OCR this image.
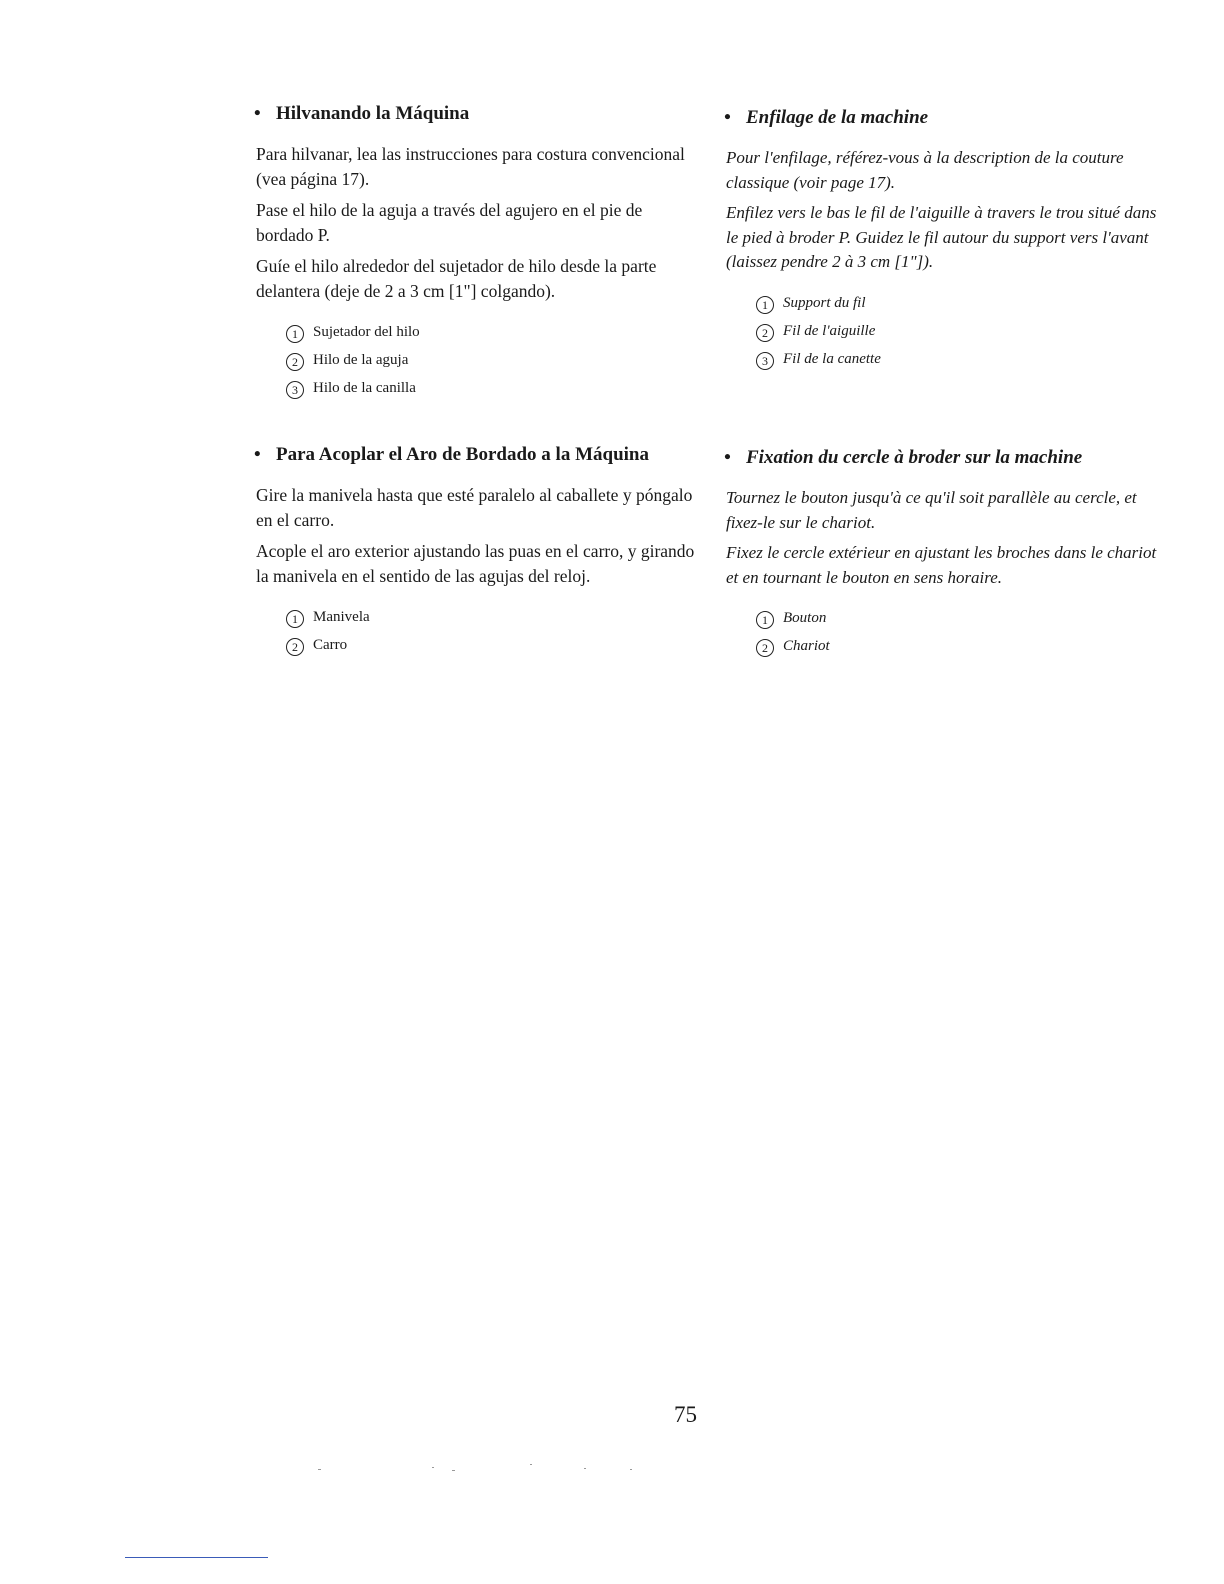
• Hilvanando la Máquina

Para hilvanar, lea las instrucciones para costura convencional (vea página 17).

Pase el hilo de la aguja a través del agujero en el pie de bordado P.

Guíe el hilo alrededor del sujetador de hilo desde la parte delantera (deje de 2 a 3 cm [1"] colgando).

1 Sujetador del hilo
2 Hilo de la aguja
3 Hilo de la canilla
• Enfilage de la machine

Pour l'enfilage, référez-vous à la description de la couture classique (voir page 17).

Enfilez vers le bas le fil de l'aiguille à travers le trou situé dans le pied à broder P. Guidez le fil autour du support vers l'avant (laissez pendre 2 à 3 cm [1"]).

1 Support du fil
2 Fil de l'aiguille
3 Fil de la canette
• Para Acoplar el Aro de Bordado a la Máquina

Gire la manivela hasta que esté paralelo al caballete y póngalo en el carro.

Acople el aro exterior ajustando las puas en el carro, y girando la manivela en el sentido de las agujas del reloj.

1 Manivela
2 Carro
• Fixation du cercle à broder sur la machine

Tournez le bouton jusqu'à ce qu'il soit parallèle au cercle, et fixez-le sur le chariot.

Fixez le cercle extérieur en ajustant les broches dans le chariot et en tournant le bouton en sens horaire.

1 Bouton
2 Chariot
75
